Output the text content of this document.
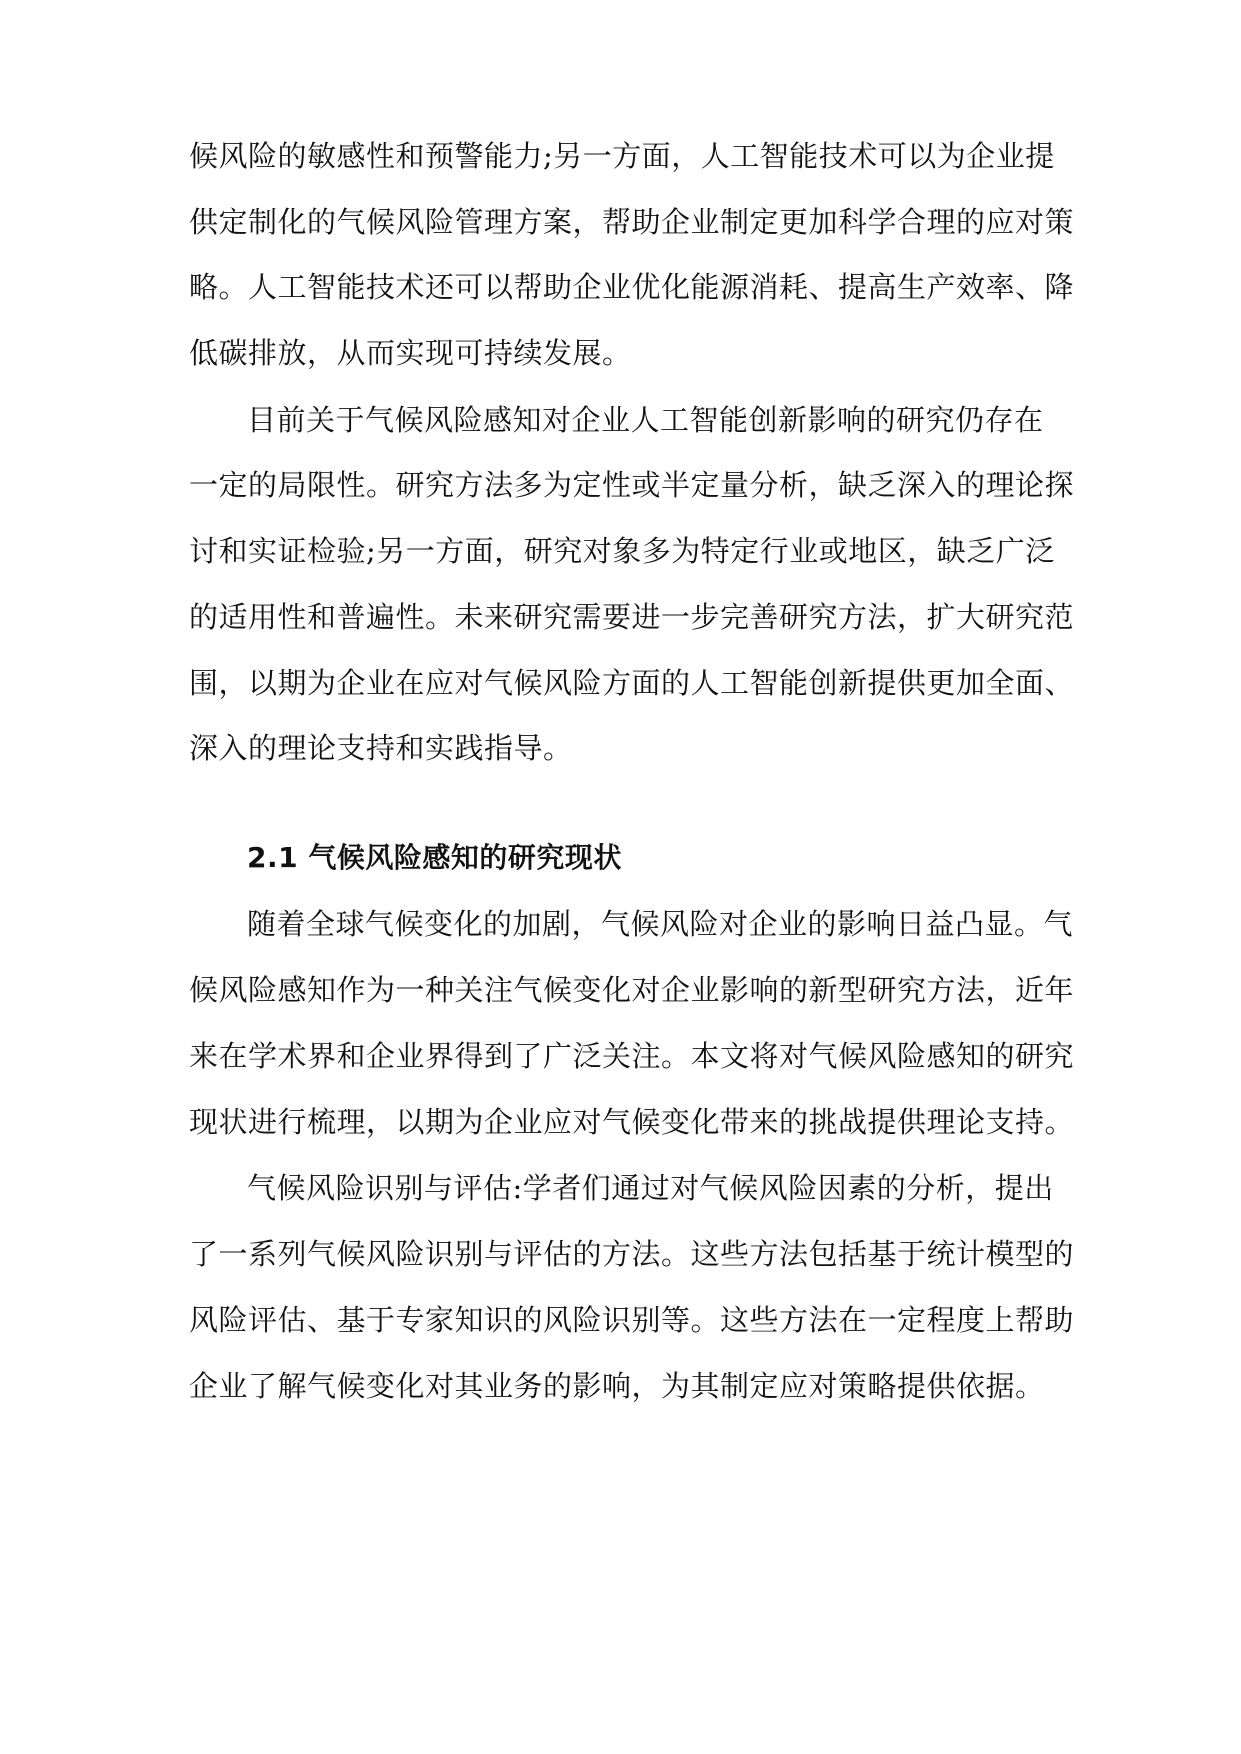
候风险的敏感性和预警能力;另一方面，人工智能技术可以为企业提
供定制化的气候风险管理方案，帮助企业制定更加科学合理的应对策
略。人工智能技术还可以帮助企业优化能源消耗、提高生产效率、降
低碳排放，从而实现可持续发展。
目前关于气候风险感知对企业人工智能创新影响的研究仍存在
一定的局限性。研究方法多为定性或半定量分析，缺乏深入的理论探
讨和实证检验;另一方面，研究对象多为特定行业或地区，缺乏广泛
的适用性和普遍性。未来研究需要进一步完善研究方法，扩大研究范
围，以期为企业在应对气候风险方面的人工智能创新提供更加全面、
深入的理论支持和实践指导。
2.1 气候风险感知的研究现状
随着全球气候变化的加剧，气候风险对企业的影响日益凸显。气
候风险感知作为一种关注气候变化对企业影响的新型研究方法，近年
来在学术界和企业界得到了广泛关注。本文将对气候风险感知的研究
现状进行梳理，以期为企业应对气候变化带来的挑战提供理论支持。
气候风险识别与评估:学者们通过对气候风险因素的分析，提出
了一系列气候风险识别与评估的方法。这些方法包括基于统计模型的
风险评估、基于专家知识的风险识别等。这些方法在一定程度上帮助
企业了解气候变化对其业务的影响，为其制定应对策略提供依据。
